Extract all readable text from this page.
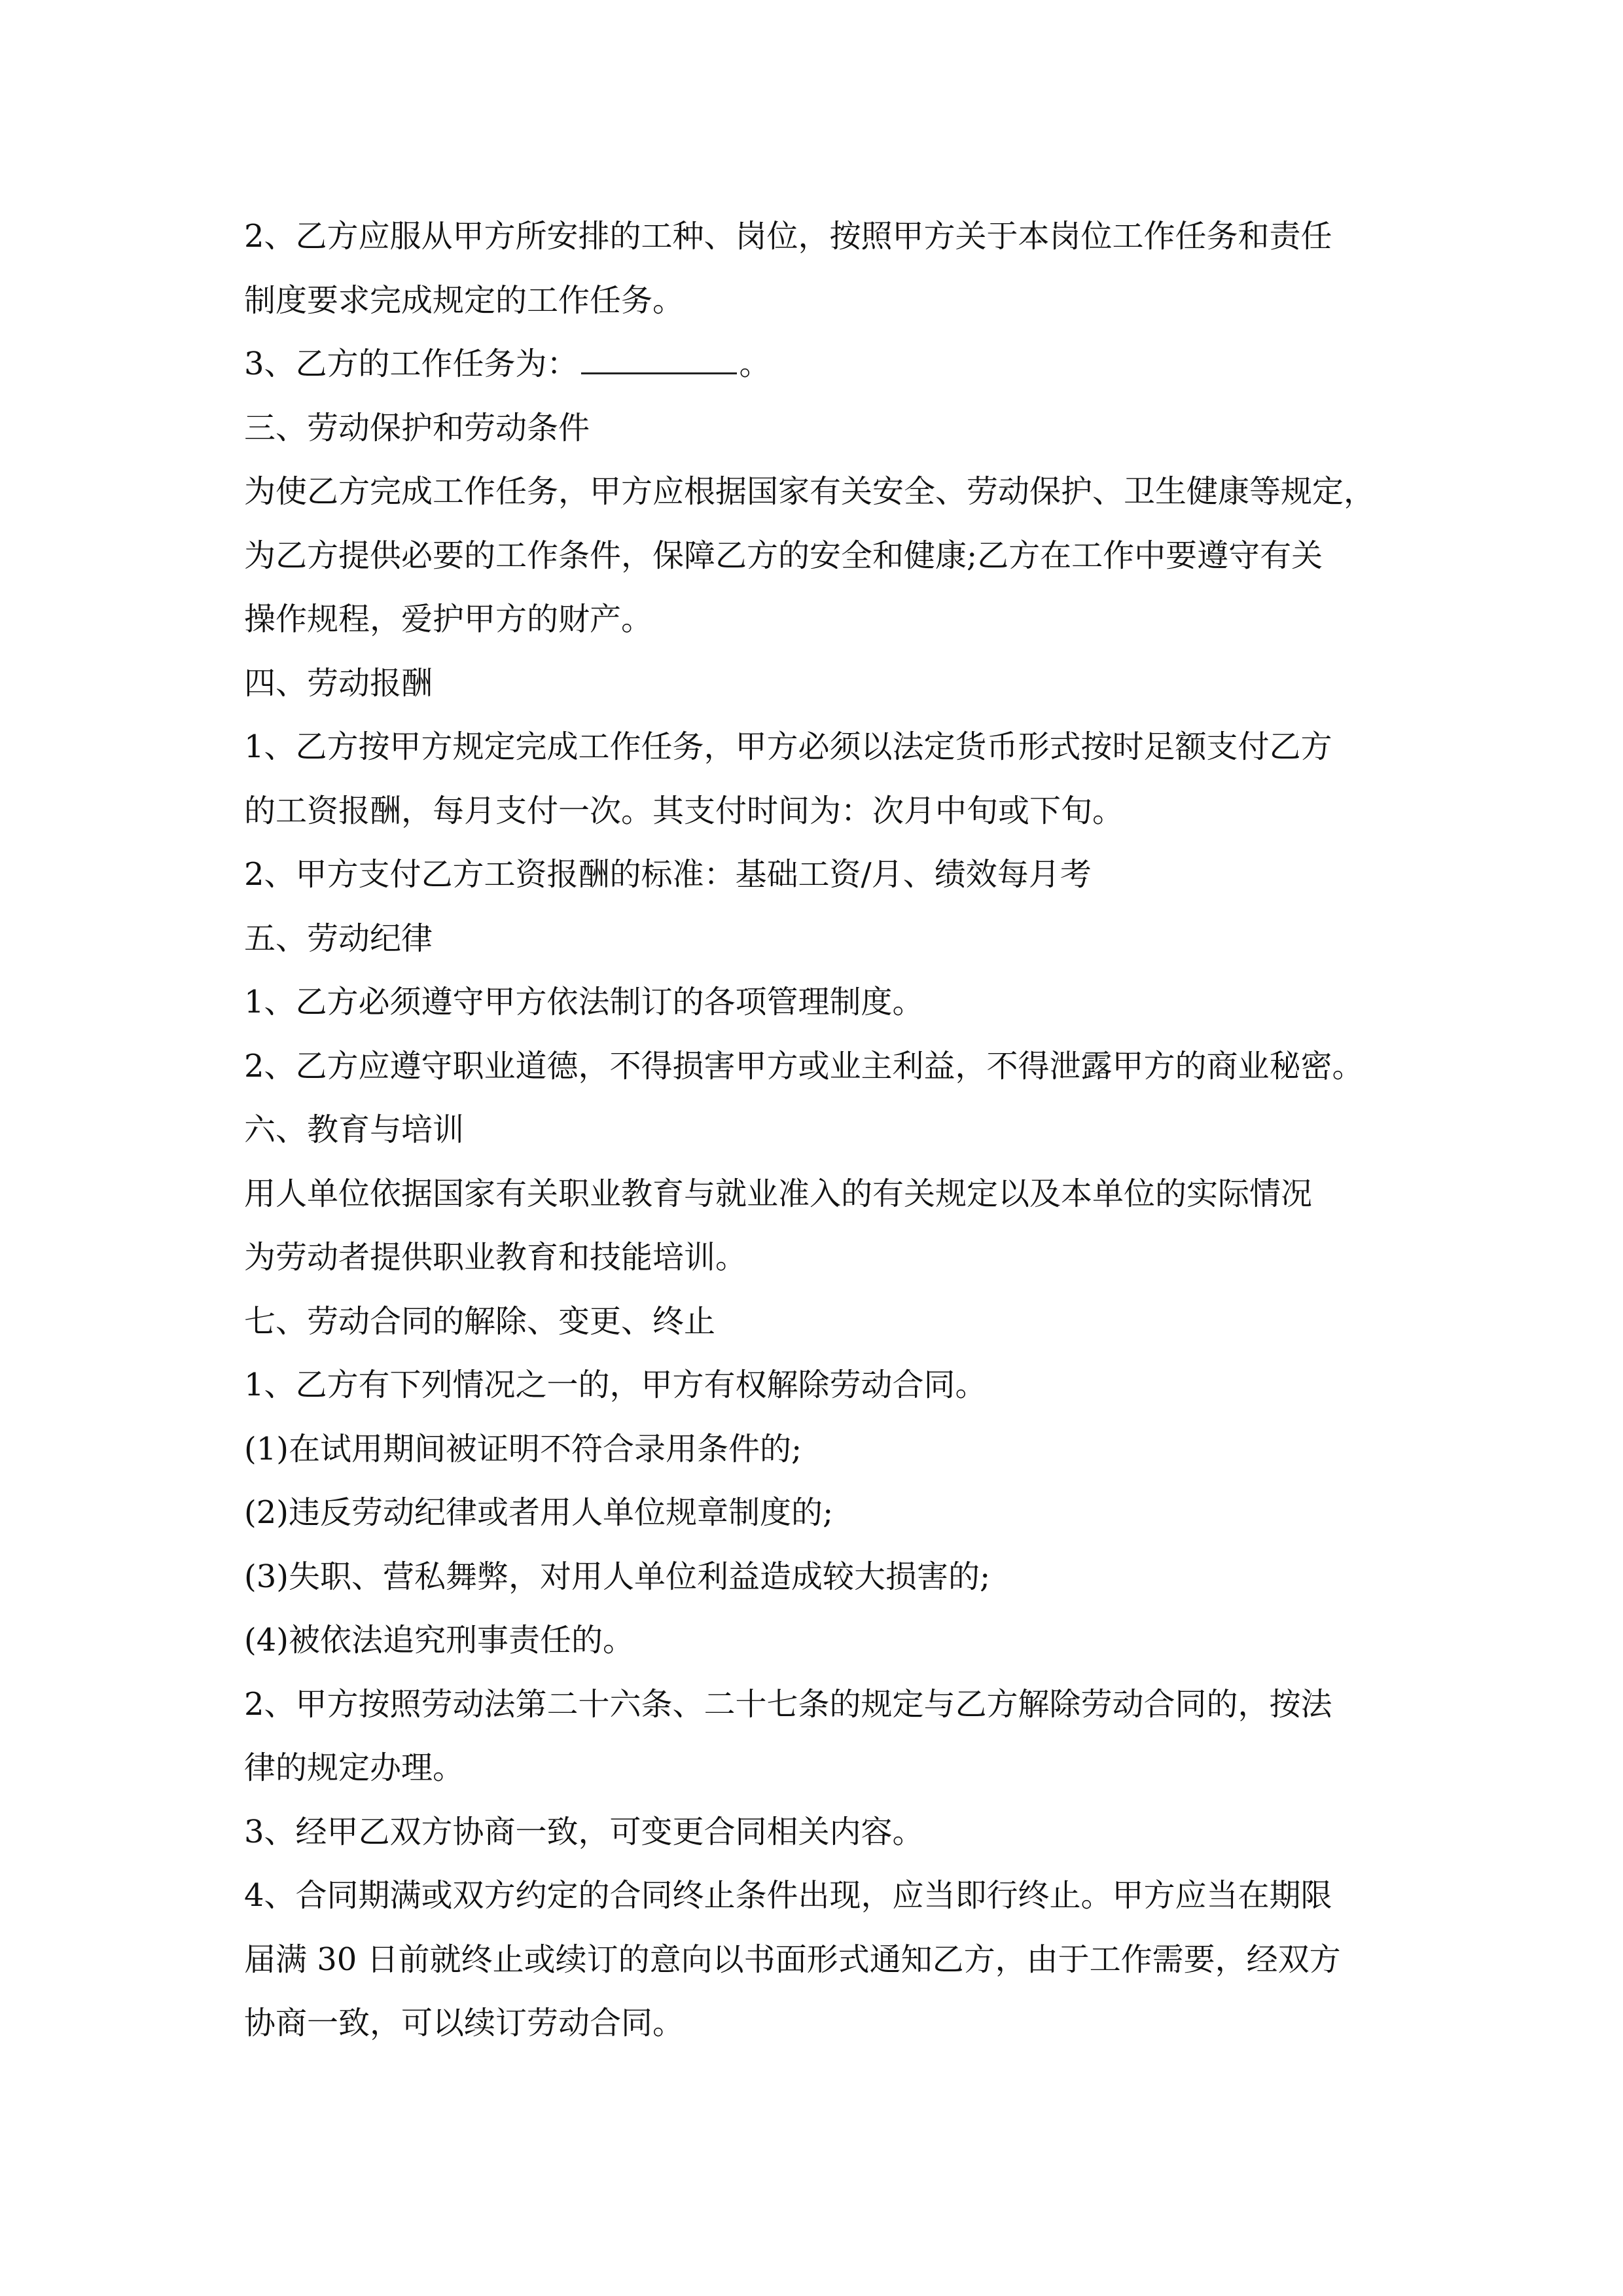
2、乙方应服从甲方所安排的工种、岗位，按照甲方关于本岗位工作任务和责任
制度要求完成规定的工作任务。
3、乙方的工作任务为：	。
三、劳动保护和劳动条件
为使乙方完成工作任务，甲方应根据国家有关安全、劳动保护、卫生健康等规定，
为乙方提供必要的工作条件，保障乙方的安全和健康;乙方在工作中要遵守有关
操作规程，爱护甲方的财产。
四、劳动报酬
1、乙方按甲方规定完成工作任务，甲方必须以法定货币形式按时足额支付乙方
的工资报酬，每月支付一次。其支付时间为：次月中旬或下旬。
2、甲方支付乙方工资报酬的标准：基础工资/月、绩效每月考
五、劳动纪律
1、乙方必须遵守甲方依法制订的各项管理制度。
2、乙方应遵守职业道德，不得损害甲方或业主利益，不得泄露甲方的商业秘密。
六、教育与培训
用人单位依据国家有关职业教育与就业准入的有关规定以及本单位的实际情况
为劳动者提供职业教育和技能培训。
七、劳动合同的解除、变更、终止
1、乙方有下列情况之一的，甲方有权解除劳动合同。
(1)在试用期间被证明不符合录用条件的;
(2)违反劳动纪律或者用人单位规章制度的;
(3)失职、营私舞弊，对用人单位利益造成较大损害的;
(4)被依法追究刑事责任的。
2、甲方按照劳动法第二十六条、二十七条的规定与乙方解除劳动合同的，按法
律的规定办理。
3、经甲乙双方协商一致，可变更合同相关内容。
4、合同期满或双方约定的合同终止条件出现，应当即行终止。甲方应当在期限
届满 30 日前就终止或续订的意向以书面形式通知乙方，由于工作需要，经双方
协商一致，可以续订劳动合同。
